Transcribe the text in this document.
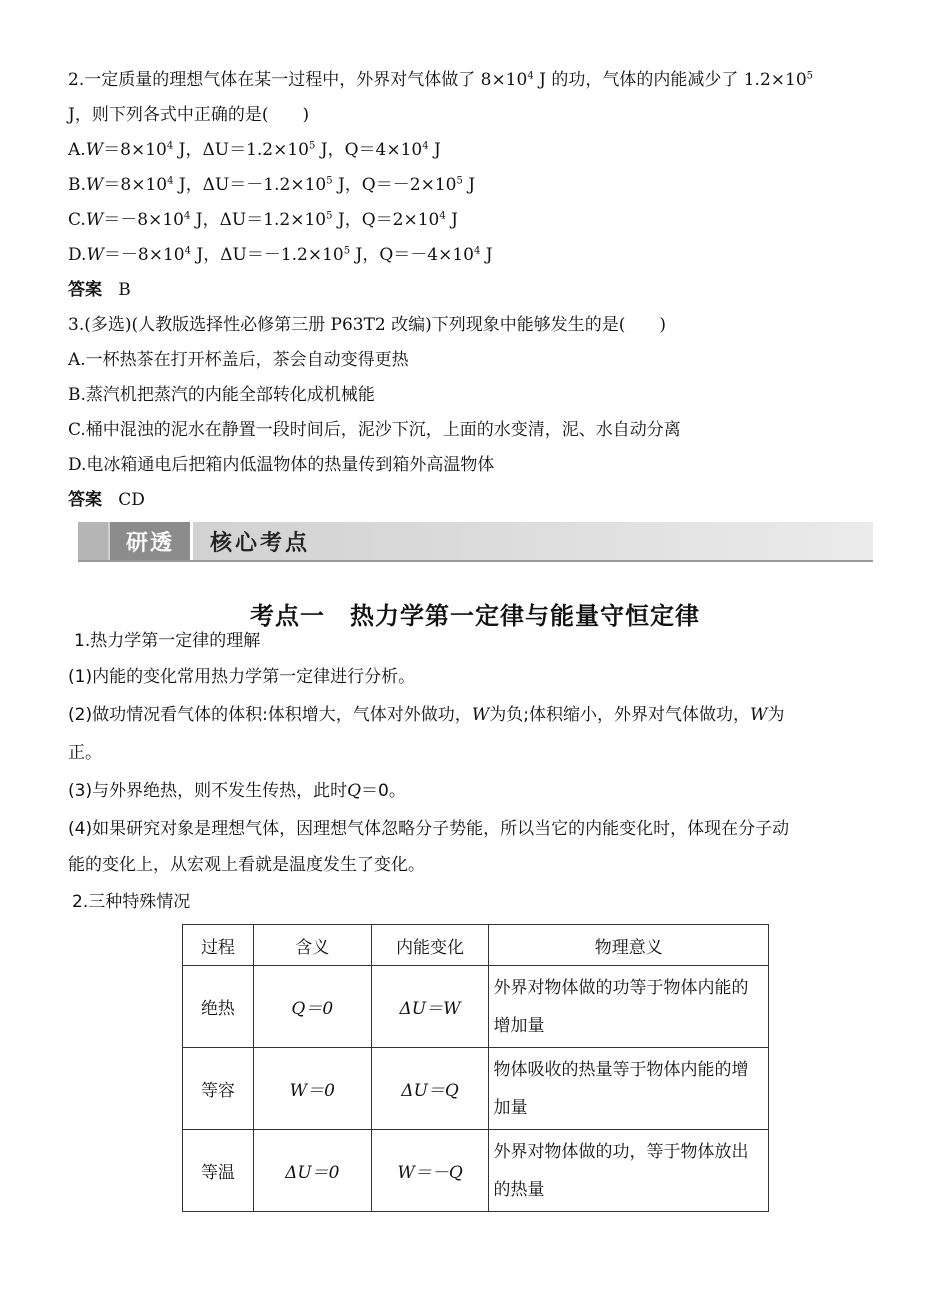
2.一定质量的理想气体在某一过程中，外界对气体做了 $8\times 10^4$ J 的功，气体的内能减少了 $1.2\times 10^5$
J，则下列各式中正确的是(　　)
$A.W=8\times 10^4$ J，$\Delta U=1.2\times 10^5$ J，$Q=4\times 10^4$ J
$B.W=8\times 10^4$ J，$\Delta U=-1.2\times 10^5$ J，$Q=-2\times 10^5$ J
$C.W=-8\times 10^4$ J，$\Delta U=1.2\times 10^5$ J，$Q=2\times 10^4$ J
$D.W=-8\times 10^4$ J，$\Delta U=-1.2\times 10^5$ J，$Q=-4\times 10^4$ J
答案 B
3.(多选)(人教版选择性必修第三册 P63T2 改编)下列现象中能够发生的是(　　)
A.一杯热茶在打开杯盖后，茶会自动变得更热
B.蒸汽机把蒸汽的内能全部转化成机械能
C.桶中混浊的泥水在静置一段时间后，泥沙下沉，上面的水变清，泥、水自动分离
D.电冰箱通电后把箱内低温物体的热量传到箱外高温物体
答案 CD
研透	核心考点
考点一　热力学第一定律与能量守恒定律
1.热力学第一定律的理解
(1)内能的变化常用热力学第一定律进行分析。
(2)做功情况看气体的体积:体积增大，气体对外做功，W为负;体积缩小，外界对气体做功，W为
正。
(3)与外界绝热，则不发生传热，此时Q＝0。
(4)如果研究对象是理想气体，因理想气体忽略分子势能，所以当它的内能变化时，体现在分子动
能的变化上，从宏观上看就是温度发生了变化。
2.三种特殊情况
过程	含义	内能变化	物理意义
绝热	Q＝0	ΔU＝W	外界对物体做的功等于物体内能的增加量
等容	W＝0	ΔU＝Q	物体吸收的热量等于物体内能的增加量
等温	ΔU＝0	W＝－Q	外界对物体做的功，等于物体放出的热量
